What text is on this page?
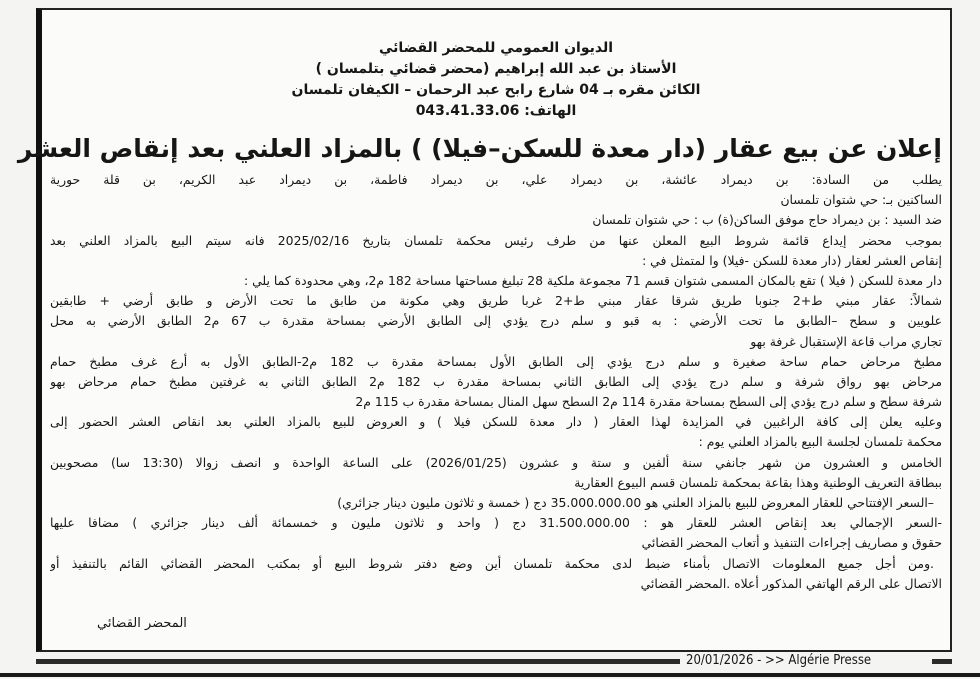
الديوان العمومي للمحضر القضائي
الأستاذ بن عبد الله إبراهيم (محضر قضائي بتلمسان )
الكائن مقره بـ 04 شارع رابح عبد الرحمان – الكيفان تلمسان
الهاتف: 043.41.33.06
إعلان عن بيع عقار (دار معدة للسكن–فيلا) ) بالمزاد العلني بعد إنقاص العشر
يطلب من السادة: بن ديمراد عائشة، بن ديمراد علي، بن ديمراد فاطمة، بن ديمراد عبد الكريم، بن قلة حورية
الساكنين بـ: حي شتوان تلمسان
ضد السيد : بن ديمراد حاج موفق الساكن(ة) ب : حي شتوان تلمسان
بموجب محضر إيداع قائمة شروط البيع المعلن عنها من طرف رئيس محكمة تلمسان بتاريخ 2025/02/16 فانه سيتم البيع بالمزاد العلني بعد
إنقاص العشر لعقار (دار معدة للسكن -فيلا) وا لمتمثل في :
دار معدة للسكن ( فيلا ) تقع بالمكان المسمى شتوان قسم 71 مجموعة ملكية 28 تبليغ مساحتها مساحة 182 م2، وهي محدودة كما يلي :
شمالاً: عقار مبني ط+2 جنوبا طريق شرقا عقار مبني ط+2 غربا طريق وهي مكونة من طابق ما تحت الأرض و طابق أرضي + طابقين
علويين و سطح –الطابق ما تحت الأرضي : به قبو و سلم درج يؤدي إلى الطابق الأرضي بمساحة مقدرة ب 67 م2 الطابق الأرضي به محل
تجاري مراب قاعة الإستقبال غرفة بهو
مطبخ مرحاض حمام ساحة صغيرة و سلم درج يؤدي إلى الطابق الأول بمساحة مقدرة ب 182 م2-الطابق الأول به أرع غرف مطبخ حمام
مرحاض بهو رواق شرفة و سلم درج يؤدي إلى الطابق الثاني بمساحة مقدرة ب 182 م2 الطابق الثاني به غرفتين مطبخ حمام مرحاض بهو
شرفة سطح و سلم درج يؤدي إلى السطح بمساحة مقدرة 114 م2 السطح سهل المنال بمساحة مقدرة ب 115 م2
وعليه يعلن إلى كافة الراغبين في المزايدة لهذا العقار ( دار معدة للسكن فيلا ) و العروض للبيع بالمزاد العلني بعد انقاص العشر الحضور إلى
محكمة تلمسان لجلسة البيع بالمزاد العلني يوم :
الخامس و العشرون من شهر جانفي سنة ألفين و ستة و عشرون (2026/01/25) على الساعة الواحدة و انصف زوالا (13:30 سا) مصحوبين
ببطاقة التعريف الوطنية وهذا بقاعة بمحكمة تلمسان قسم البيوع العقارية
–السعر الإفتتاحي للعقار المعروض للبيع بالمزاد العلني هو 35.000.000.00 دج ( خمسة و ثلاثون مليون دينار جزائري)
-السعر الإجمالي بعد إنقاص العشر للعقار هو : 31.500.000.00 دج ( واحد و ثلاثون مليون و خمسمائة ألف دينار جزائري ) مضافا عليها
حقوق و مصاريف إجراءات التنفيذ و أتعاب المحضر القضائي
.ومن أجل جميع المعلومات الاتصال بأمناء ضبط لدى محكمة تلمسان أين وضع دفتر شروط البيع أو بمكتب المحضر القضائي القائم بالتنفيذ أو
الاتصال على الرقم الهاتفي المذكور أعلاه .المحضر القضائي
المحضر القضائي
20/01/2026 - >> Algérie Presse
